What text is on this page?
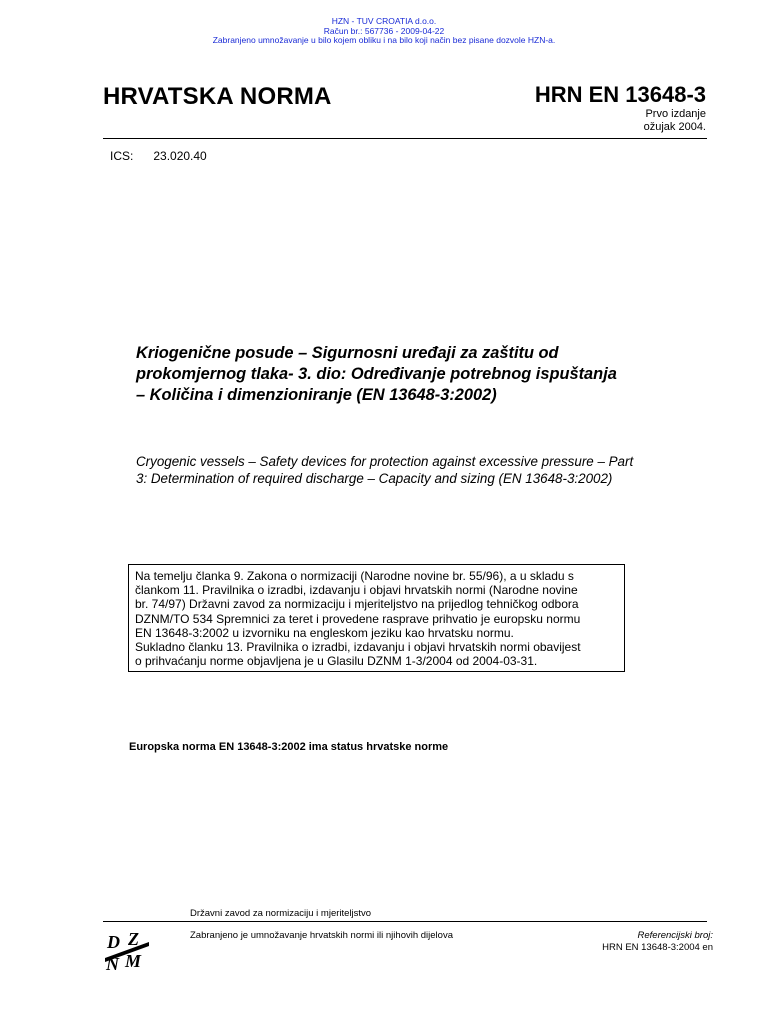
HZN - TUV CROATIA d.o.o.
Račun br.: 567736 - 2009-04-22
Zabranjeno umnožavanje u bilo kojem obliku i na bilo koji način bez pisane dozvole HZN-a.
HRVATSKA NORMA	HRN EN 13648-3
Prvo izdanje
ožujak 2004.
ICS: 23.020.40
Kriogenične posude – Sigurnosni uređaji za zaštitu od
prokomjernog tlaka- 3. dio: Određivanje potrebnog ispuštanja
– Količina i dimenzioniranje (EN 13648-3:2002)
Cryogenic vessels – Safety devices for protection against excessive pressure – Part
3: Determination of required discharge – Capacity and sizing (EN 13648-3:2002)
Na temelju članka 9. Zakona o normizaciji (Narodne novine br. 55/96), a u skladu s
člankom 11. Pravilnika o izradbi, izdavanju i objavi hrvatskih normi (Narodne novine
br. 74/97) Državni zavod za normizaciju i mjeriteljstvo na prijedlog tehničkog odbora
DZNM/TO 534 Spremnici za teret i provedene rasprave prihvatio je europsku normu
EN 13648-3:2002 u izvorniku na engleskom jeziku kao hrvatsku normu.
Sukladno članku 13. Pravilnika o izradbi, izdavanju i objavi hrvatskih normi obavijest
o prihvaćanju norme objavljena je u Glasilu DZNM 1-3/2004 od 2004-03-31.
Europska norma EN 13648-3:2002 ima status hrvatske norme
Državni zavod za normizaciju i mjeriteljstvo
D Z
N M
Zabranjeno je umnožavanje hrvatskih normi ili njihovih dijelova	Referencijski broj:
HRN EN 13648-3:2004 en
